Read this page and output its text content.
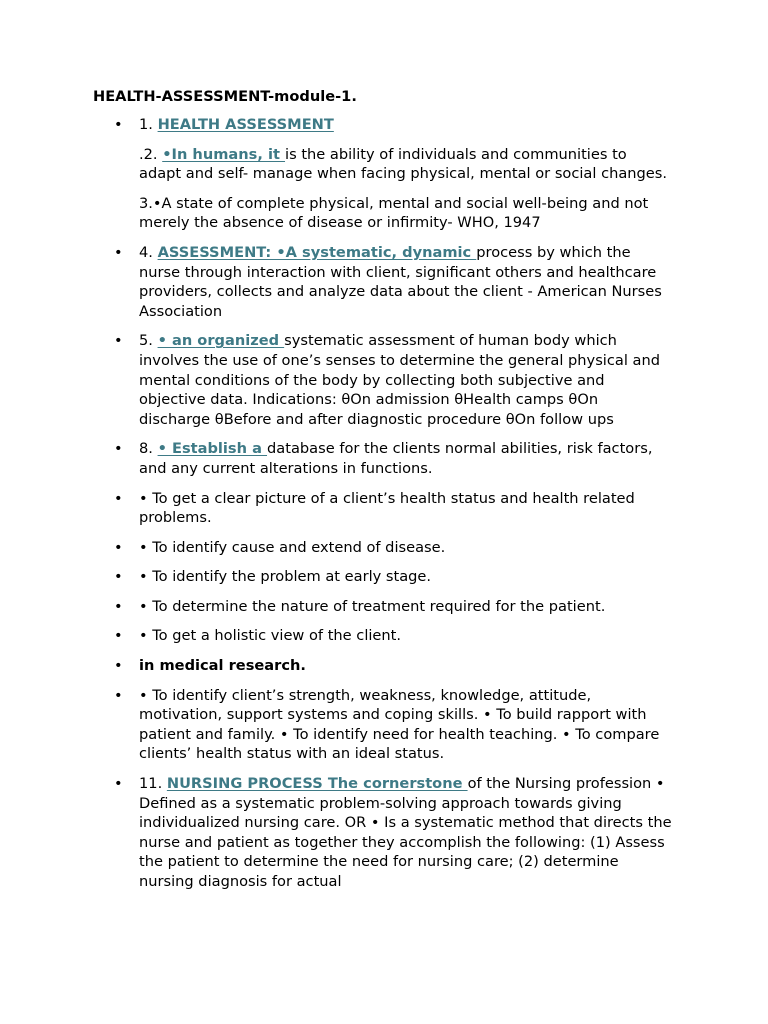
HEALTH-ASSESSMENT-module-1.

• 1. HEALTH ASSESSMENT
.2. •In humans, it is the ability of individuals and communities to adapt and self- manage when facing physical, mental or social changes.
3.•A state of complete physical, mental and social well-being and not merely the absence of disease or infirmity- WHO, 1947
• 4. ASSESSMENT: •A systematic, dynamic process by which the nurse through interaction with client, significant others and healthcare providers, collects and analyze data about the client - American Nurses Association
• 5. • an organized systematic assessment of human body which involves the use of one’s senses to determine the general physical and mental conditions of the body by collecting both subjective and objective data. Indications: θOn admission θHealth camps θOn discharge θBefore and after diagnostic procedure θOn follow ups
• 8. • Establish a database for the clients normal abilities, risk factors, and any current alterations in functions.
• • To get a clear picture of a client’s health status and health related problems.
• • To identify cause and extend of disease.
• • To identify the problem at early stage.
• • To determine the nature of treatment required for the patient.
• • To get a holistic view of the client.
• in medical research.
• • To identify client’s strength, weakness, knowledge, attitude, motivation, support systems and coping skills. • To build rapport with patient and family. • To identify need for health teaching. • To compare clients’ health status with an ideal status.
• 11. NURSING PROCESS The cornerstone of the Nursing profession • Defined as a systematic problem-solving approach towards giving individualized nursing care. OR • Is a systematic method that directs the nurse and patient as together they accomplish the following: (1) Assess the patient to determine the need for nursing care; (2) determine nursing diagnosis for actual
